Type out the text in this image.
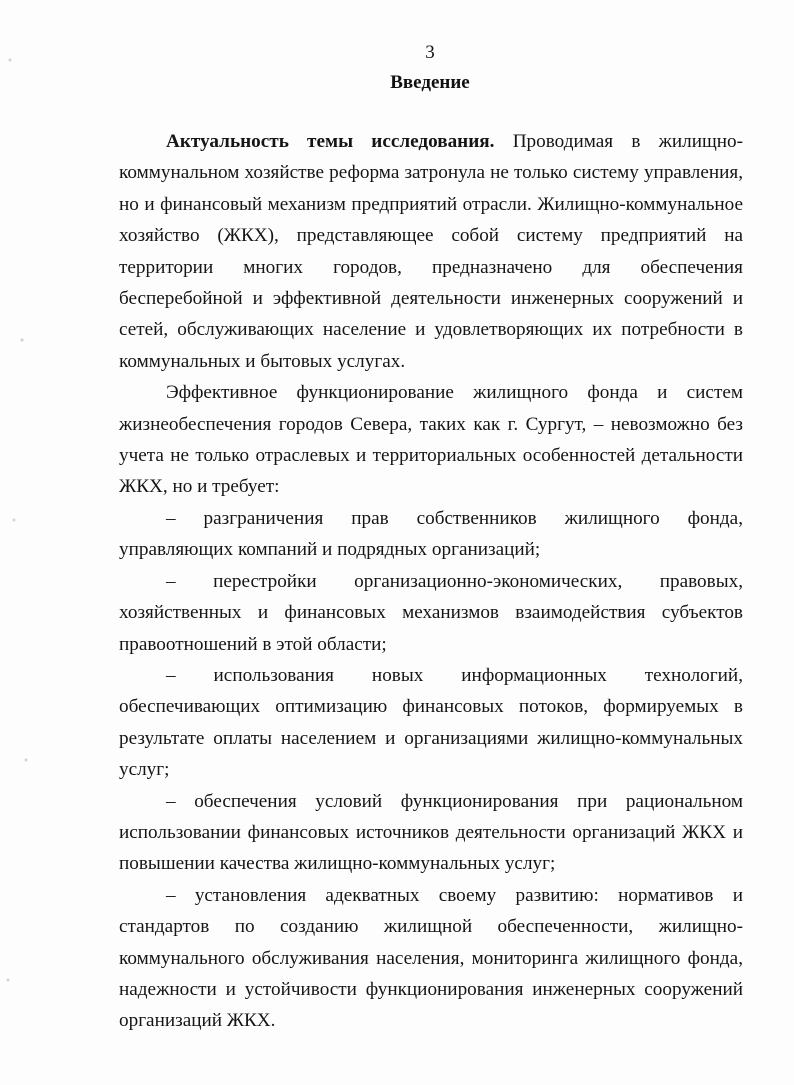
3
Введение

Актуальность темы исследования. Проводимая в жилищно-коммунальном хозяйстве реформа затронула не только систему управления, но и финансовый механизм предприятий отрасли. Жилищно-коммунальное хозяйство (ЖКХ), представляющее собой систему предприятий на территории многих городов, предназначено для обеспечения бесперебойной и эффективной деятельности инженерных сооружений и сетей, обслуживающих население и удовлетворяющих их потребности в коммунальных и бытовых услугах.

Эффективное функционирование жилищного фонда и систем жизнеобеспечения городов Севера, таких как г. Сургут, – невозможно без учета не только отраслевых и территориальных особенностей детальности ЖКХ, но и требует:

– разграничения прав собственников жилищного фонда, управляющих компаний и подрядных организаций;

– перестройки организационно-экономических, правовых, хозяйственных и финансовых механизмов взаимодействия субъектов правоотношений в этой области;

– использования новых информационных технологий, обеспечивающих оптимизацию финансовых потоков, формируемых в результате оплаты населением и организациями жилищно-коммунальных услуг;

– обеспечения условий функционирования при рациональном использовании финансовых источников деятельности организаций ЖКХ и повышении качества жилищно-коммунальных услуг;

– установления адекватных своему развитию: нормативов и стандартов по созданию жилищной обеспеченности, жилищно-коммунального обслуживания населения, мониторинга жилищного фонда, надежности и устойчивости функционирования инженерных сооружений организаций ЖКХ.
